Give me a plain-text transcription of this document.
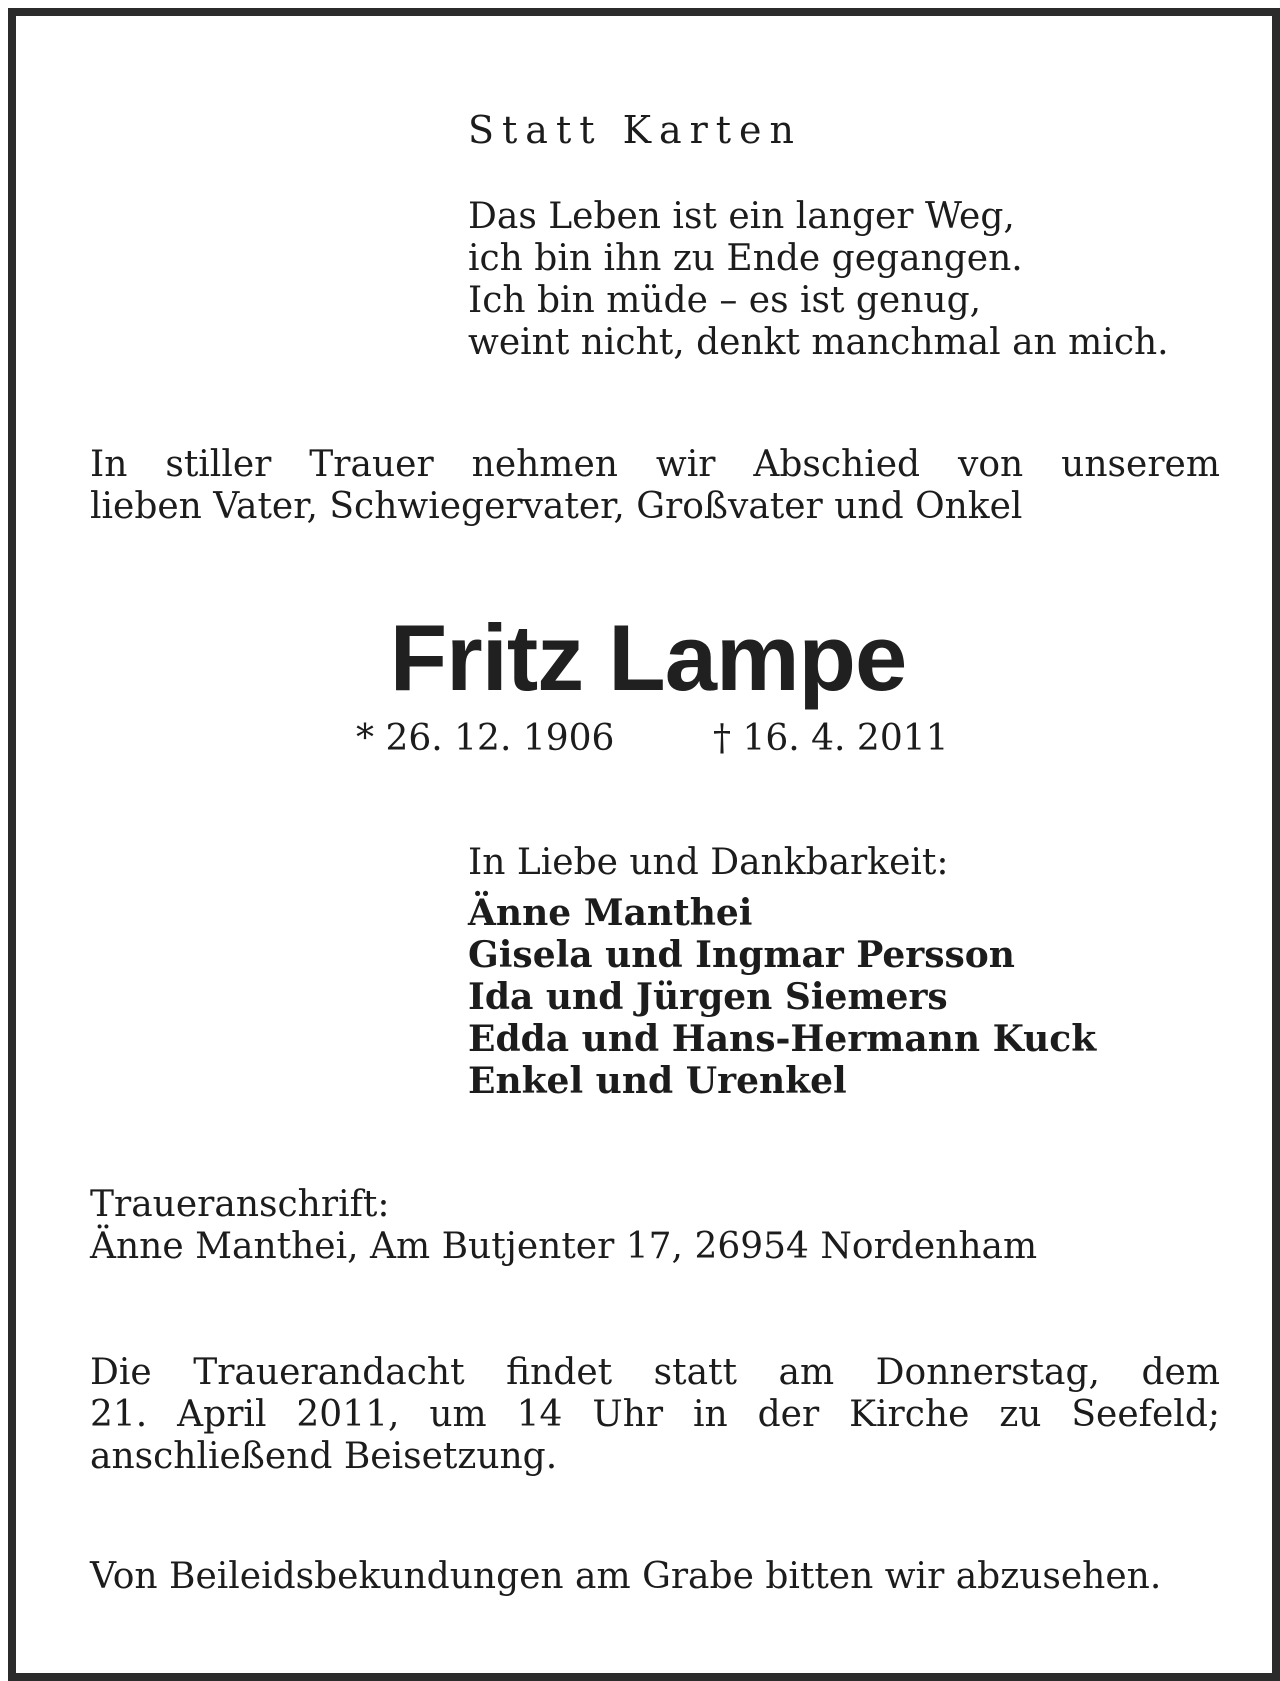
Statt Karten

Das Leben ist ein langer Weg,
ich bin ihn zu Ende gegangen.
Ich bin müde – es ist genug,
weint nicht, denkt manchmal an mich.
In stiller Trauer nehmen wir Abschied von unserem
lieben Vater, Schwiegervater, Großvater und Onkel

Fritz Lampe

* 26. 12. 1906	† 16. 4. 2011

In Liebe und Dankbarkeit:

Änne Manthei
Gisela und Ingmar Persson
Ida und Jürgen Siemers
Edda und Hans-Hermann Kuck
Enkel und Urenkel
Traueranschrift:
Änne Manthei, Am Butjenter 17, 26954 Nordenham
Die Trauerandacht findet statt am Donnerstag, dem
21. April 2011, um 14 Uhr in der Kirche zu Seefeld;
anschließend Beisetzung.

Von Beileidsbekundungen am Grabe bitten wir abzusehen.
